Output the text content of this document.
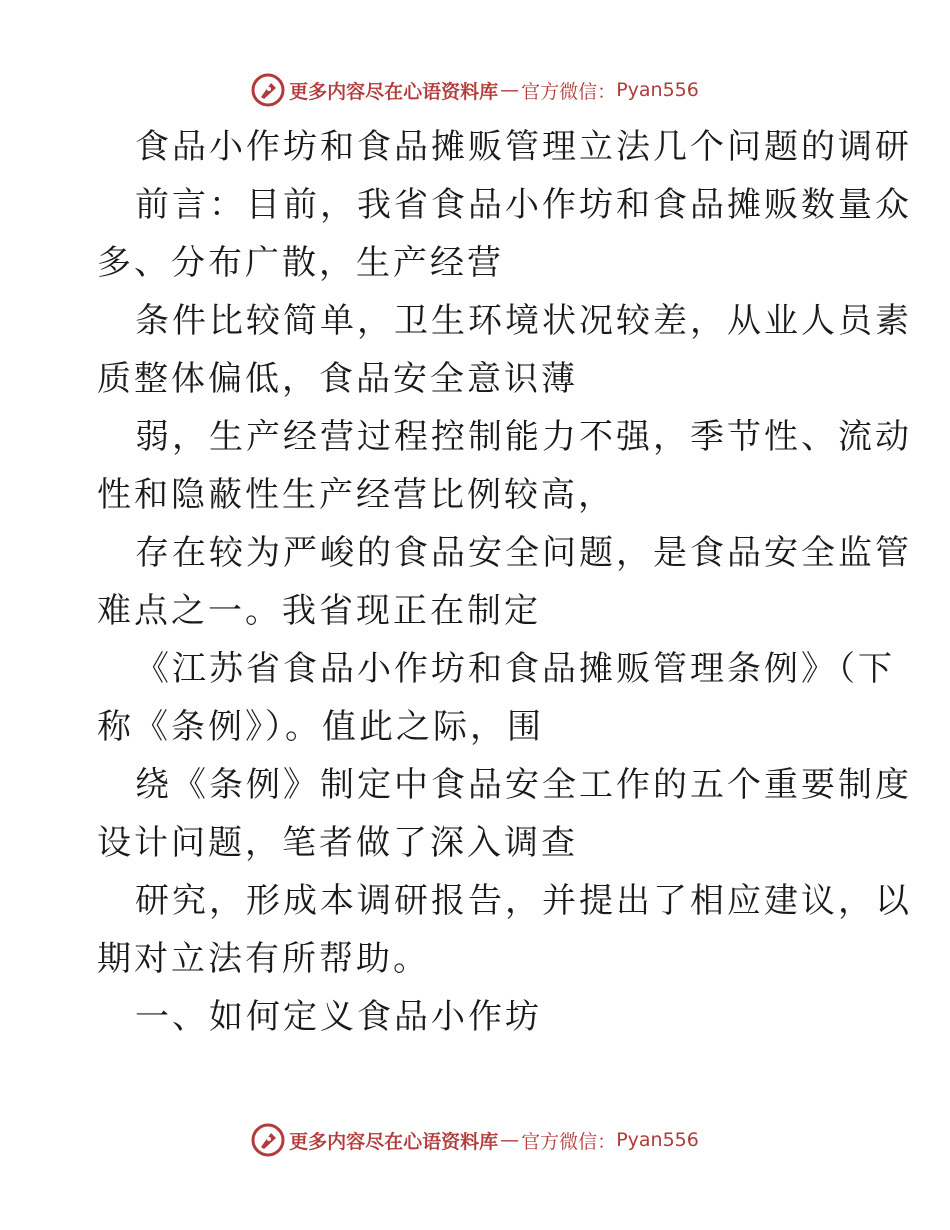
更多内容尽在心语资料库 — 官方微信： Pyan556
食品小作坊和食品摊贩管理立法几个问题的调研
前言：目前，我省食品小作坊和食品摊贩数量众
多、分布广散，生产经营
条件比较简单，卫生环境状况较差，从业人员素
质整体偏低，食品安全意识薄
弱，生产经营过程控制能力不强，季节性、流动
性和隐蔽性生产经营比例较高，
存在较为严峻的食品安全问题，是食品安全监管
难点之一。我省现正在制定
《江苏省食品小作坊和食品摊贩管理条例》（下
称《条例》）。值此之际，围
绕《条例》制定中食品安全工作的五个重要制度
设计问题，笔者做了深入调查
研究，形成本调研报告，并提出了相应建议，以
期对立法有所帮助。
一、如何定义食品小作坊
更多内容尽在心语资料库 — 官方微信： Pyan556
